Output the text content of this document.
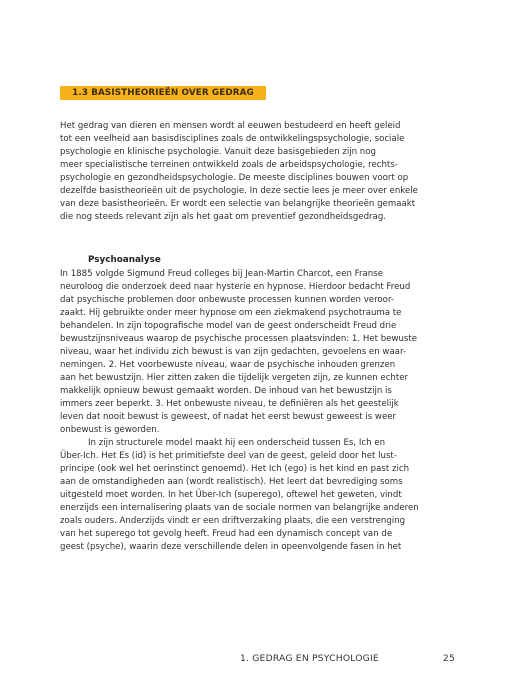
1.3 BASISTHEORIEËN OVER GEDRAG
Het gedrag van dieren en mensen wordt al eeuwen bestudeerd en heeft geleid
tot een veelheid aan basisdisciplines zoals de ontwikkelingspsychologie, sociale
psychologie en klinische psychologie. Vanuit deze basisgebieden zijn nog
meer specialistische terreinen ontwikkeld zoals de arbeidspsychologie, rechts-
psychologie en gezondheidspsychologie. De meeste disciplines bouwen voort op
dezelfde basistheorieën uit de psychologie. In deze sectie lees je meer over enkele
van deze basistheorieën. Er wordt een selectie van belangrijke theorieën gemaakt
die nog steeds relevant zijn als het gaat om preventief gezondheidsgedrag.
Psychoanalyse
In 1885 volgde Sigmund Freud colleges bij Jean-Martin Charcot, een Franse
neuroloog die onderzoek deed naar hysterie en hypnose. Hierdoor bedacht Freud
dat psychische problemen door onbewuste processen kunnen worden veroor-
zaakt. Hij gebruikte onder meer hypnose om een ziekmakend psychotrauma te
behandelen. In zijn topografische model van de geest onderscheidt Freud drie
bewustzijnsniveaus waarop de psychische processen plaatsvinden: 1. Het bewuste
niveau, waar het individu zich bewust is van zijn gedachten, gevoelens en waar-
nemingen. 2. Het voorbewuste niveau, waar de psychische inhouden grenzen
aan het bewustzijn. Hier zitten zaken die tijdelijk vergeten zijn, ze kunnen echter
makkelijk opnieuw bewust gemaakt worden. De inhoud van het bewustzijn is
immers zeer beperkt. 3. Het onbewuste niveau, te definiëren als het geestelijk
leven dat nooit bewust is geweest, of nadat het eerst bewust geweest is weer
onbewust is geworden.
In zijn structurele model maakt hij een onderscheid tussen Es, Ich en
Über-Ich. Het Es (id) is het primitiefste deel van de geest, geleid door het lust-
principe (ook wel het oerinstinct genoemd). Het Ich (ego) is het kind en past zich
aan de omstandigheden aan (wordt realistisch). Het leert dat bevrediging soms
uitgesteld moet worden. In het Über-Ich (superego), oftewel het geweten, vindt
enerzijds een internalisering plaats van de sociale normen van belangrijke anderen
zoals ouders. Anderzijds vindt er een driftverzaking plaats, die een verstrenging
van het superego tot gevolg heeft. Freud had een dynamisch concept van de
geest (psyche), waarin deze verschillende delen in opeenvolgende fasen in het
1. GEDRAG EN PSYCHOLOGIE	25
